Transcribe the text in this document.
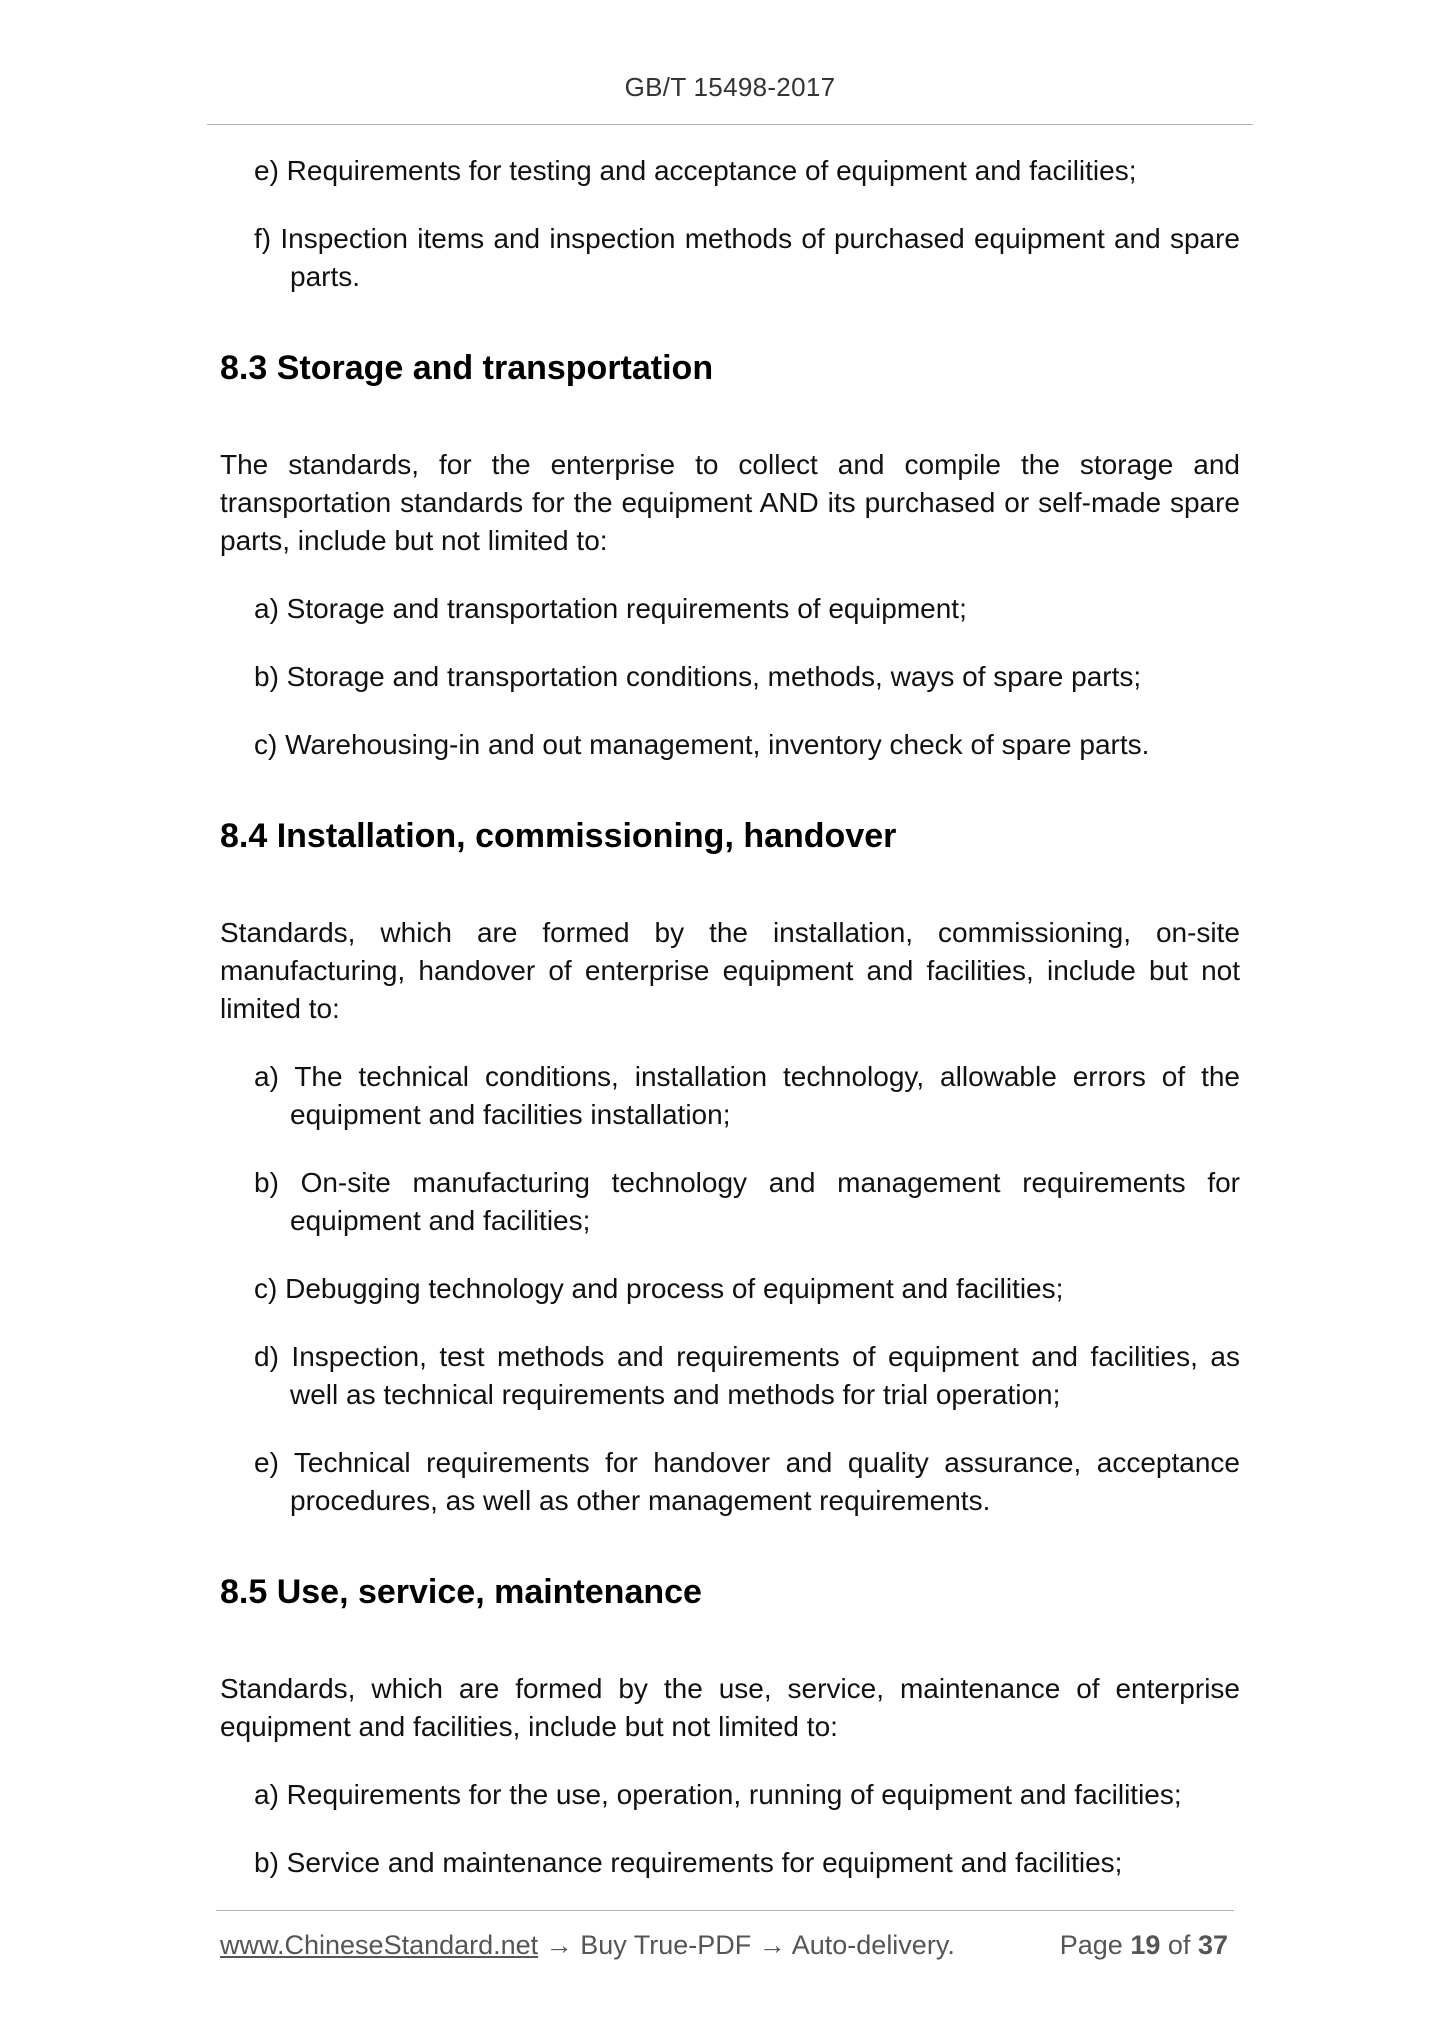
GB/T 15498-2017

e) Requirements for testing and acceptance of equipment and facilities;

f) Inspection items and inspection methods of purchased equipment and spare parts.

8.3 Storage and transportation

The standards, for the enterprise to collect and compile the storage and transportation standards for the equipment AND its purchased or self-made spare parts, include but not limited to:

a) Storage and transportation requirements of equipment;

b) Storage and transportation conditions, methods, ways of spare parts;

c) Warehousing-in and out management, inventory check of spare parts.

8.4 Installation, commissioning, handover

Standards, which are formed by the installation, commissioning, on-site manufacturing, handover of enterprise equipment and facilities, include but not limited to:

a) The technical conditions, installation technology, allowable errors of the equipment and facilities installation;

b) On-site manufacturing technology and management requirements for equipment and facilities;

c) Debugging technology and process of equipment and facilities;

d) Inspection, test methods and requirements of equipment and facilities, as well as technical requirements and methods for trial operation;

e) Technical requirements for handover and quality assurance, acceptance procedures, as well as other management requirements.

8.5 Use, service, maintenance

Standards, which are formed by the use, service, maintenance of enterprise equipment and facilities, include but not limited to:

a) Requirements for the use, operation, running of equipment and facilities;

b) Service and maintenance requirements for equipment and facilities;

www.ChineseStandard.net → Buy True-PDF → Auto-delivery.	Page 19 of 37
